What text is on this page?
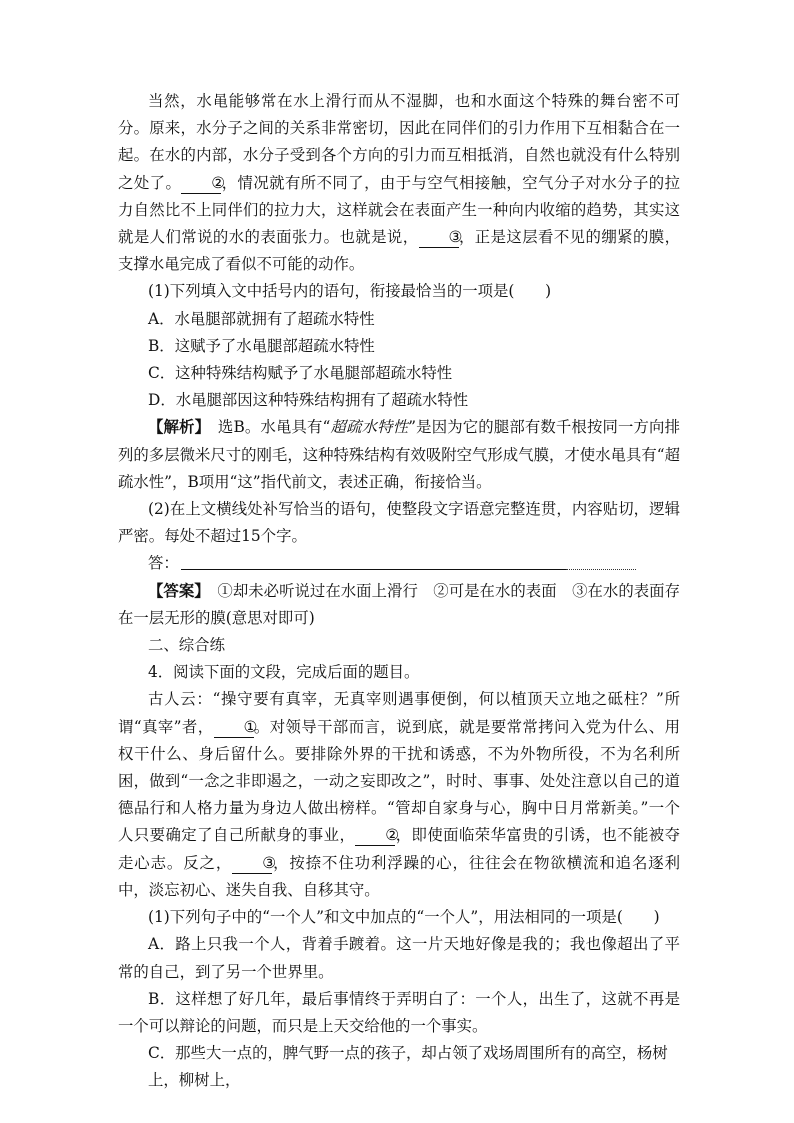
当然，水黾能够常在水上滑行而从不湿脚，也和水面这个特殊的舞台密不可分。原来，水分子之间的关系非常密切，因此在同伴们的引力作用下互相黏合在一起。在水的内部，水分子受到各个方向的引力而互相抵消，自然也就没有什么特别之处了。 ②，情况就有所不同了，由于与空气相接触，空气分子对水分子的拉力自然比不上同伴们的拉力大，这样就会在表面产生一种向内收缩的趋势，其实这就是人们常说的水的表面张力。也就是说， ③，正是这层看不见的绷紧的膜，支撑水黾完成了看似不可能的动作。

(1)下列填入文中括号内的语句，衔接最恰当的一项是(　　)

A．水黾腿部就拥有了超疏水特性

B．这赋予了水黾腿部超疏水特性

C．这种特殊结构赋予了水黾腿部超疏水特性

D．水黾腿部因这种特殊结构拥有了超疏水特性

【解析】　选B。水黾具有“超疏水特性”是因为它的腿部有数千根按同一方向排列的多层微米尺寸的刚毛，这种特殊结构有效吸附空气形成气膜，才使水黾具有“超疏水性”，B项用“这”指代前文，表述正确，衔接恰当。

(2)在上文横线处补写恰当的语句，使整段文字语意完整连贯，内容贴切，逻辑严密。每处不超过15个字。

答：

【答案】　①却未必听说过在水面上滑行　②可是在水的表面　③在水的表面存在一层无形的膜(意思对即可)

二、综合练

4．阅读下面的文段，完成后面的题目。

古人云：“操守要有真宰，无真宰则遇事便倒，何以植顶天立地之砥柱？”所谓“真宰”者， ①。对领导干部而言，说到底，就是要常常拷问入党为什么、用权干什么、身后留什么。要排除外界的干扰和诱惑，不为外物所役，不为名利所困，做到“一念之非即遏之，一动之妄即改之”，时时、事事、处处注意以自己的道德品行和人格力量为身边人做出榜样。“管却自家身与心，胸中日月常新美。”一个人只要确定了自己所献身的事业， ②，即使面临荣华富贵的引诱，也不能被夺走心志。反之， ③，按捺不住功利浮躁的心，往往会在物欲横流和追名逐利中，淡忘初心、迷失自我、自移其守。

(1)下列句子中的“一个人”和文中加点的“一个人”，用法相同的一项是(　　)

A．路上只我一个人，背着手踱着。这一片天地好像是我的；我也像超出了平常的自己，到了另一个世界里。

B．这样想了好几年，最后事情终于弄明白了：一个人，出生了，这就不再是一个可以辩论的问题，而只是上天交给他的一个事实。

C．那些大一点的，脾气野一点的孩子，却占领了戏场周围所有的高空，杨树上，柳树上，
